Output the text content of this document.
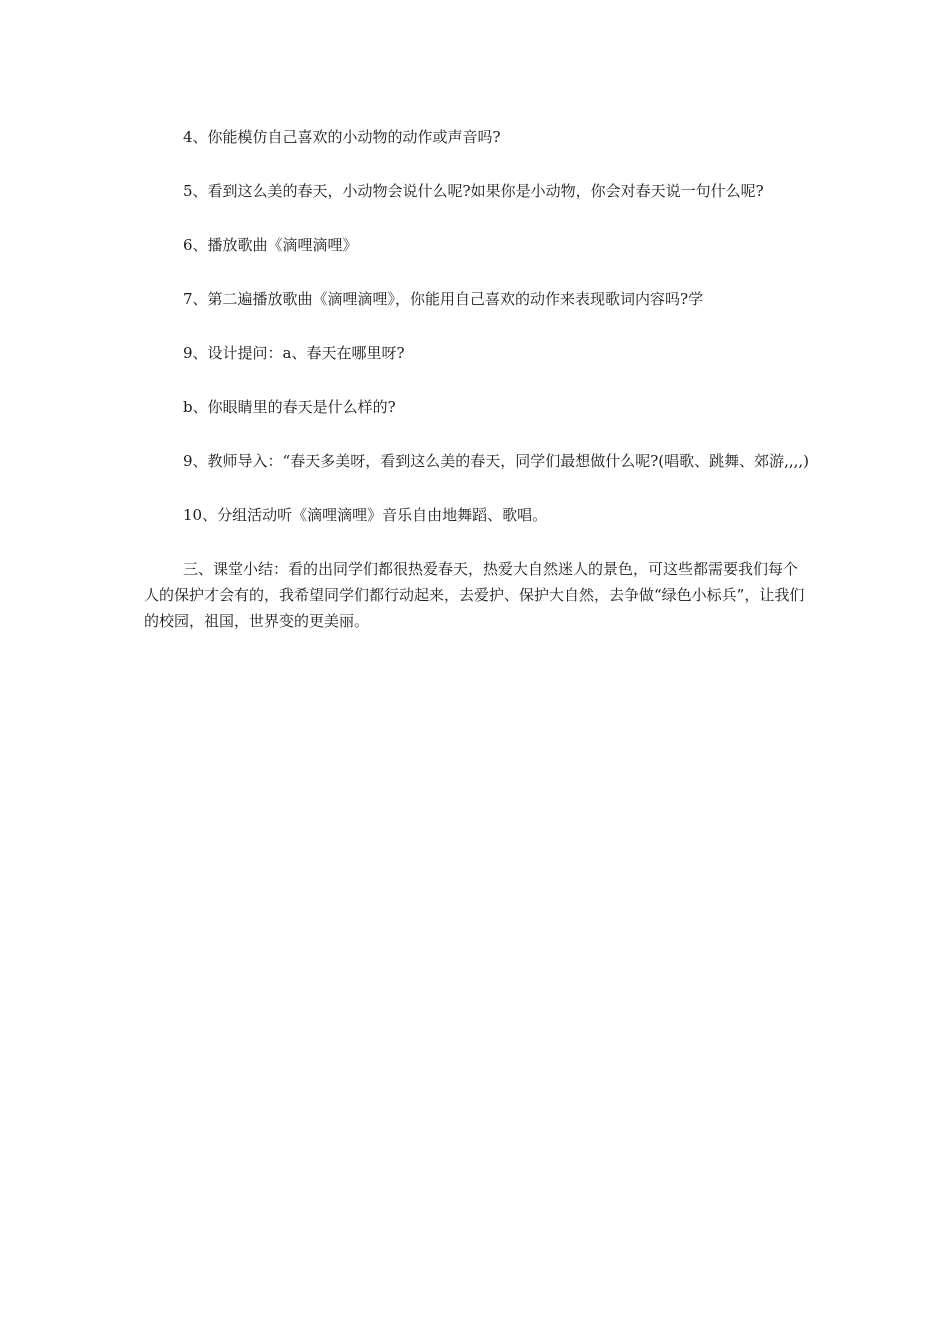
4、你能模仿自己喜欢的小动物的动作或声音吗?

5、看到这么美的春天，小动物会说什么呢?如果你是小动物，你会对春天说一句什么呢?

6、播放歌曲《滴哩滴哩》

7、第二遍播放歌曲《滴哩滴哩》，你能用自己喜欢的动作来表现歌词内容吗?学

9、设计提问：a、春天在哪里呀?

b、你眼睛里的春天是什么样的?

9、教师导入：“春天多美呀，看到这么美的春天，同学们最想做什么呢?(唱歌、跳舞、郊游,,,,)

10、分组活动听《滴哩滴哩》音乐自由地舞蹈、歌唱。

三、课堂小结：看的出同学们都很热爱春天，热爱大自然迷人的景色，可这些都需要我们每个人的保护才会有的，我希望同学们都行动起来，去爱护、保护大自然，去争做“绿色小标兵”，让我们的校园，祖国，世界变的更美丽。
